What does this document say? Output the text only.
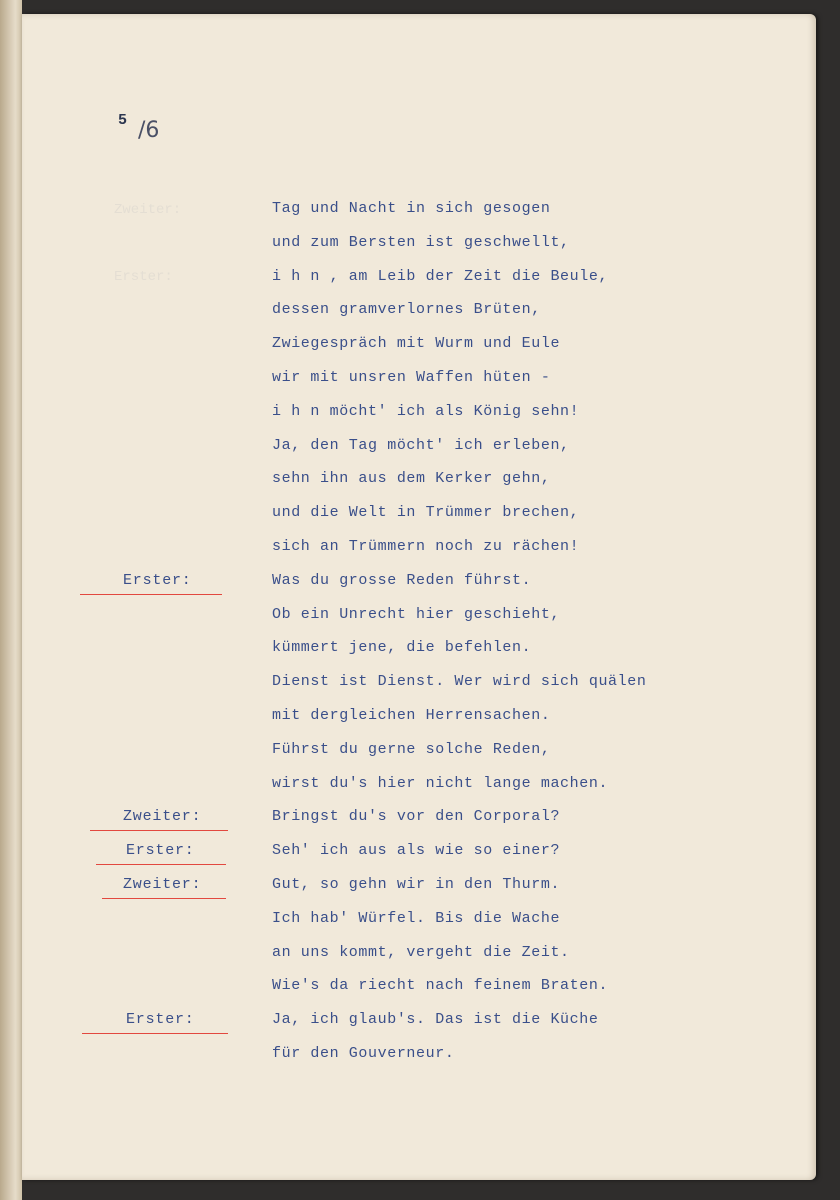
5 /6
Zweiter:
Erster:
Tag und Nacht in sich gesogen
und zum Bersten ist geschwellt,
i h n , am Leib der Zeit die Beule,
dessen gramverlornes Brüten,
Zwiegespräch mit Wurm und Eule
wir mit unsren Waffen hüten -
i h n möcht' ich als König sehn!
Ja, den Tag möcht' ich erleben,
sehn ihn aus dem Kerker gehn,
und die Welt in Trümmer brechen,
sich an Trümmern noch zu rächen!
Was du grosse Reden führst.
Ob ein Unrecht hier geschieht,
kümmert jene, die befehlen.
Dienst ist Dienst. Wer wird sich quälen
mit dergleichen Herrensachen.
Führst du gerne solche Reden,
wirst du's hier nicht lange machen.
Bringst du's vor den Corporal?
Seh' ich aus als wie so einer?
Gut, so gehn wir in den Thurm.
Ich hab' Würfel. Bis die Wache
an uns kommt, vergeht die Zeit.
Wie's da riecht nach feinem Braten.
Ja, ich glaub's. Das ist die Küche
für den Gouverneur.
Erster:
Zweiter:
Erster:
Zweiter:
Erster:
